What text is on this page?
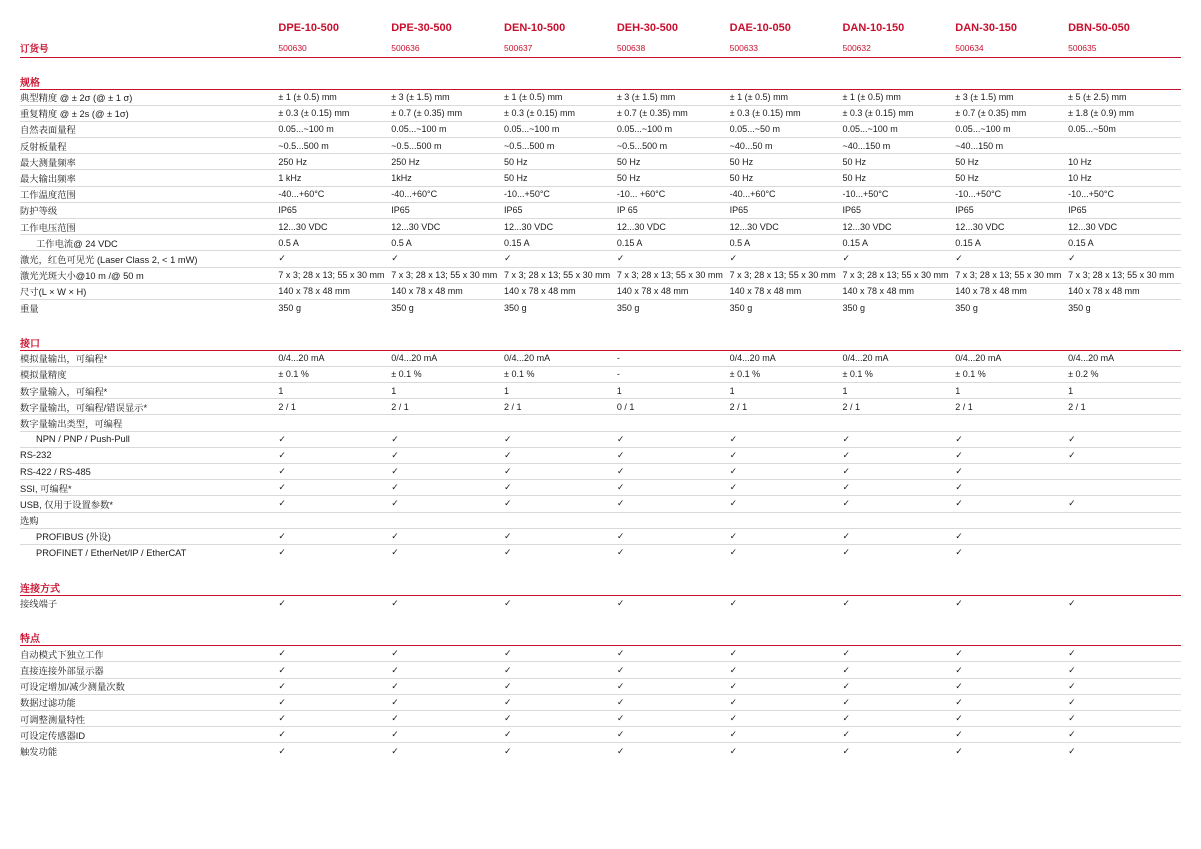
	DPE-10-500	DPE-30-500	DEN-10-500	DEH-30-500	DAE-10-050	DAN-10-150	DAN-30-150	DBN-50-050
订货号	500630	500636	500637	500638	500633	500632	500634	500635

规格								
典型精度 @ ± 2σ (@ ± 1 σ)	± 1 (± 0.5) mm	± 3 (± 1.5) mm	± 1 (± 0.5) mm	± 3 (± 1.5) mm	± 1 (± 0.5) mm	± 1 (± 0.5) mm	± 3 (± 1.5) mm	± 5 (± 2.5) mm
重复精度 @ ± 2s (@ ± 1σ)	± 0.3 (± 0.15) mm	± 0.7 (± 0.35) mm	± 0.3 (± 0.15) mm	± 0.7 (± 0.35) mm	± 0.3 (± 0.15) mm	± 0.3 (± 0.15) mm	± 0.7 (± 0.35) mm	± 1.8 (± 0.9) mm
自然表面量程	0.05...~100 m	0.05...~100 m	0.05...~100 m	0.05...~100 m	0.05...~50 m	0.05...~100 m	0.05...~100 m	0.05...~50m
反射板量程	~0.5...500 m	~0.5...500 m	~0.5...500 m	~0.5...500 m	~40...50 m	~40...150 m	~40...150 m	
最大测量频率	250 Hz	250 Hz	50 Hz	50 Hz	50 Hz	50 Hz	50 Hz	10 Hz
最大输出频率	1 kHz	1kHz	50 Hz	50 Hz	50 Hz	50 Hz	50 Hz	10 Hz
工作温度范围	-40...+60°C	-40...+60°C	-10...+50°C	-10... +60°C	-40...+60°C	-10...+50°C	-10...+50°C	-10...+50°C
防护等级	IP65	IP65	IP65	IP 65	IP65	IP65	IP65	IP65
工作电压范围	12...30 VDC	12...30 VDC	12...30 VDC	12...30 VDC	12...30 VDC	12...30 VDC	12...30 VDC	12...30 VDC
工作电流@ 24 VDC	0.5 A	0.5 A	0.15 A	0.15 A	0.5 A	0.15 A	0.15 A	0.15 A
激光，红色可见光 (Laser Class 2, < 1 mW)	✓	✓	✓	✓	✓	✓	✓	✓
激光光斑大小@10 m /@ 50 m	7 x 3; 28 x 13; 55 x 30 mm	7 x 3; 28 x 13; 55 x 30 mm	7 x 3; 28 x 13; 55 x 30 mm	7 x 3; 28 x 13; 55 x 30 mm	7 x 3; 28 x 13; 55 x 30 mm	7 x 3; 28 x 13; 55 x 30 mm	7 x 3; 28 x 13; 55 x 30 mm	7 x 3; 28 x 13; 55 x 30 mm
尺寸(L × W × H)	140 x 78 x 48 mm	140 x 78 x 48 mm	140 x 78 x 48 mm	140 x 78 x 48 mm	140 x 78 x 48 mm	140 x 78 x 48 mm	140 x 78 x 48 mm	140 x 78 x 48 mm
重量	350 g	350 g	350 g	350 g	350 g	350 g	350 g	350 g

接口								
模拟量输出，可编程*	0/4...20 mA	0/4...20 mA	0/4...20 mA	-	0/4...20 mA	0/4...20 mA	0/4...20 mA	0/4...20 mA
模拟量精度	± 0.1 %	± 0.1 %	± 0.1 %	-	± 0.1 %	± 0.1 %	± 0.1 %	± 0.2 %
数字量输入，可编程*	1	1	1	1	1	1	1	1
数字量输出，可编程/错误显示*	2 / 1	2 / 1	2 / 1	0 / 1	2 / 1	2 / 1	2 / 1	2 / 1
数字量输出类型，可编程								
NPN / PNP / Push-Pull	✓	✓	✓	✓	✓	✓	✓	✓
RS-232	✓	✓	✓	✓	✓	✓	✓	✓
RS-422 / RS-485	✓	✓	✓	✓	✓	✓	✓	
SSI, 可编程*	✓	✓	✓	✓	✓	✓	✓	
USB, 仅用于设置参数*	✓	✓	✓	✓	✓	✓	✓	✓
选购								
PROFIBUS (外设)	✓	✓	✓	✓	✓	✓	✓	
PROFINET / EtherNet/IP / EtherCAT	✓	✓	✓	✓	✓	✓	✓	

连接方式								
接线端子	✓	✓	✓	✓	✓	✓	✓	✓

特点								
自动模式下独立工作	✓	✓	✓	✓	✓	✓	✓	✓
直接连接外部显示器	✓	✓	✓	✓	✓	✓	✓	✓
可设定增加/减少测量次数	✓	✓	✓	✓	✓	✓	✓	✓
数据过滤功能	✓	✓	✓	✓	✓	✓	✓	✓
可调整测量特性	✓	✓	✓	✓	✓	✓	✓	✓
可设定传感器ID	✓	✓	✓	✓	✓	✓	✓	✓
触发功能	✓	✓	✓	✓	✓	✓	✓	✓
